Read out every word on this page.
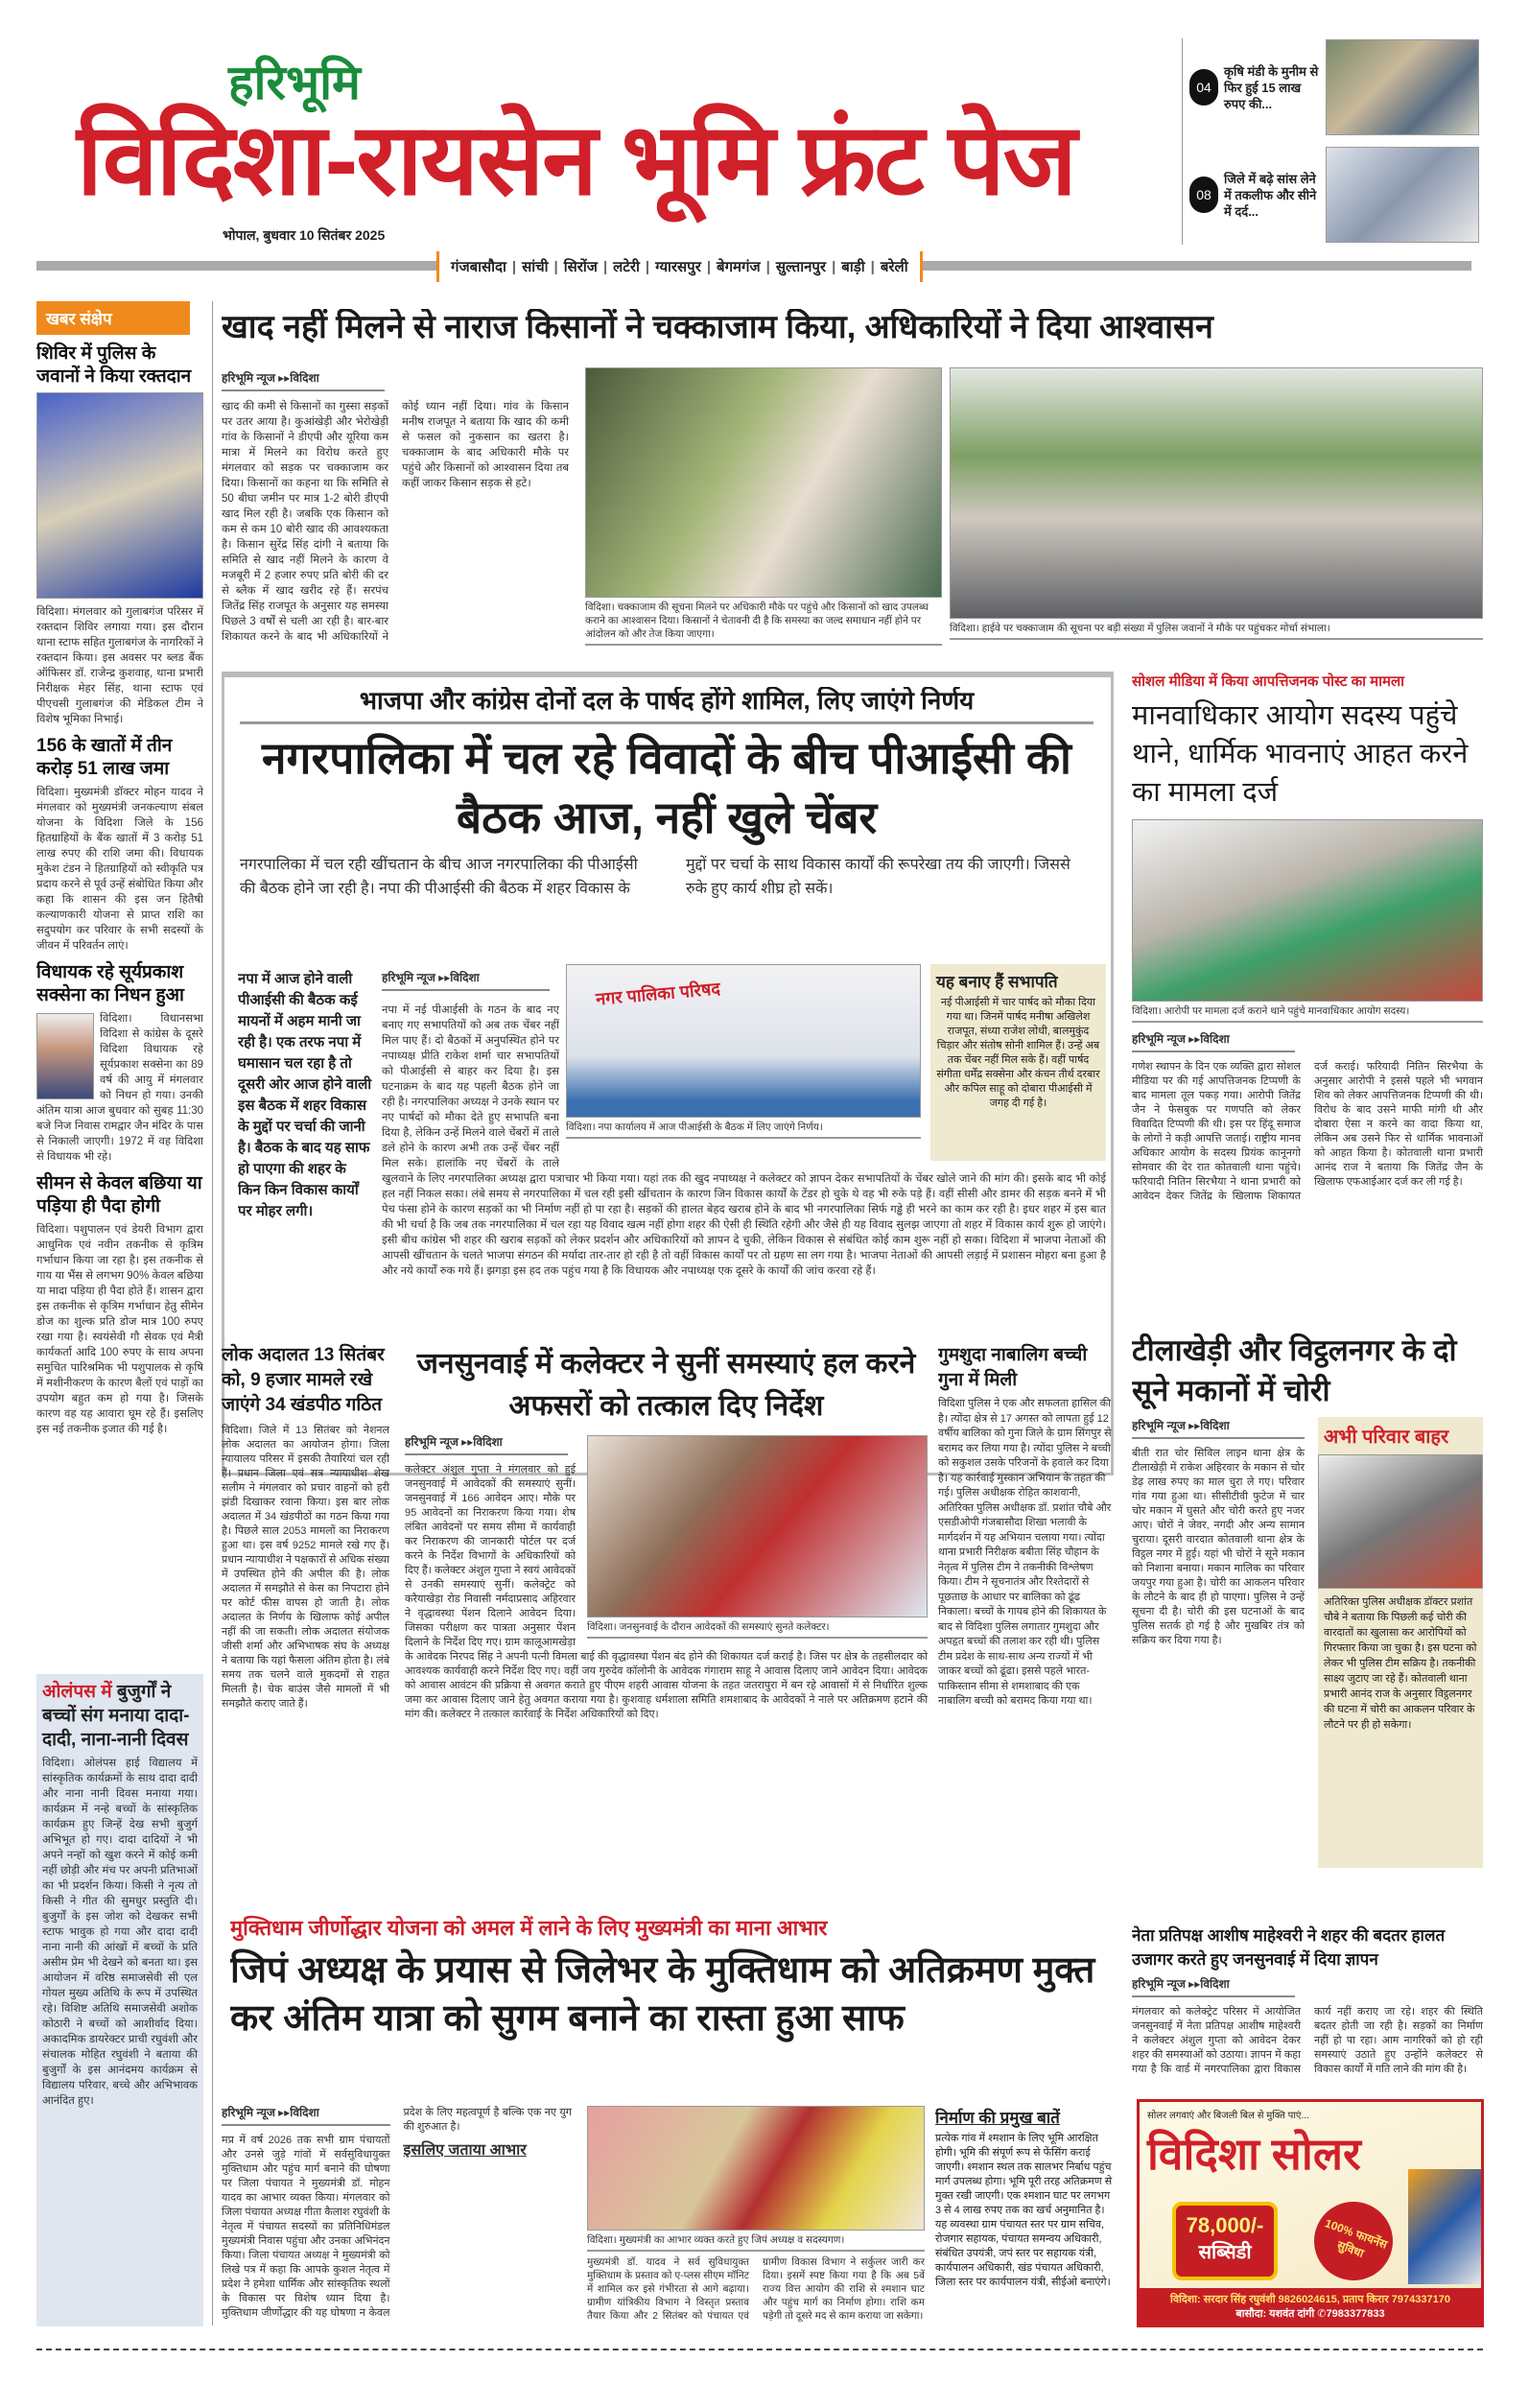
हरिभूमि
विदिशा-रायसेन भूमि फ्रंट पेज
भोपाल, बुधवार 10 सितंबर 2025
गंजबासौदा | सांची | सिरोंज | लटेरी | ग्यारसपुर | बेगमगंज | सुल्तानपुर | बाड़ी | बरेली
04
कृषि मंडी के मुनीम से फिर हुई 15 लाख रुपए की...
08
जिले में बढ़े सांस लेने में तकलीफ और सीने में दर्द...
खबर संक्षेप
शिविर में पुलिस के जवानों ने किया रक्तदान
विदिशा। मंगलवार को गुलाबगंज परिसर में रक्तदान शिविर लगाया गया। इस दौरान थाना स्टाफ सहित गुलाबगंज के नागरिकों ने रक्तदान किया। इस अवसर पर ब्लड बैंक ऑफिसर डॉ. राजेन्द्र कुशवाह, थाना प्रभारी निरीक्षक मेहर सिंह, थाना स्टाफ एवं पीएचसी गुलाबगंज की मेडिकल टीम ने विशेष भूमिका निभाई।
156 के खातों में तीन करोड़ 51 लाख जमा
विदिशा। मुख्यमंत्री डॉक्टर मोहन यादव ने मंगलवार को मुख्यमंत्री जनकल्याण संबल योजना के विदिशा जिले के 156 हितग्राहियों के बैंक खातों में 3 करोड़ 51 लाख रुपए की राशि जमा की। विधायक मुकेश टंडन ने हितग्राहियों को स्वीकृति पत्र प्रदाय करने से पूर्व उन्हें संबोधित किया और कहा कि शासन की इस जन हितैषी कल्याणकारी योजना से प्राप्त राशि का सदुपयोग कर परिवार के सभी सदस्यों के जीवन में परिवर्तन लाएं।
विधायक रहे सूर्यप्रकाश सक्सेना का निधन हुआ
विदिशा। विधानसभा विदिशा से कांग्रेस के दूसरे विदिशा विधायक रहे सूर्यप्रकाश सक्सेना का 89 वर्ष की आयु में मंगलवार को निधन हो गया। उनकी अंतिम यात्रा आज बुधवार को सुबह 11:30 बजे निज निवास रामद्वार जैन मंदिर के पास से निकाली जाएगी। 1972 में वह विदिशा से विधायक भी रहे।
सीमन से केवल बछिया या पड़िया ही पैदा होगी
विदिशा। पशुपालन एवं डेयरी विभाग द्वारा आधुनिक एवं नवीन तकनीक से कृत्रिम गर्भाधान किया जा रहा है। इस तकनीक से गाय या भैंस से लगभग 90% केवल बछिया या मादा पड़िया ही पैदा होते हैं। शासन द्वारा इस तकनीक से कृत्रिम गर्भाधान हेतु सीमेन डोज का शुल्क प्रति डोज मात्र 100 रुपए रखा गया है। स्वयंसेवी गौ सेवक एवं मैत्री कार्यकर्ता आदि 100 रुपए के साथ अपना समुचित पारिश्रमिक भी पशुपालक से कृषि में मशीनीकरण के कारण बैलों एवं पाड़ों का उपयोग बहुत कम हो गया है। जिसके कारण वह यह आवारा घूम रहे हैं। इसलिए इस नई तकनीक इजात की गई है।
ओलंपस में बुजुर्गों ने बच्चों संग मनाया दादा-दादी, नाना-नानी दिवस
विदिशा। ओलंपस हाई विद्यालय में सांस्कृतिक कार्यक्रमों के साथ दादा दादी और नाना नानी दिवस मनाया गया। कार्यक्रम में नन्हे बच्चों के सांस्कृतिक कार्यक्रम हुए जिन्हें देख सभी बुजुर्ग अभिभूत हो गए। दादा दादियों ने भी अपने नन्हों को खुश करने में कोई कमी नहीं छोड़ी और मंच पर अपनी प्रतिभाओं का भी प्रदर्शन किया। किसी ने नृत्य तो किसी ने गीत की सुमधुर प्रस्तुति दी। बुजुर्गों के इस जोश को देखकर सभी स्टाफ भावुक हो गया और दादा दादी नाना नानी की आंखों में बच्चों के प्रति असीम प्रेम भी देखने को बनता था। इस आयोजन में वरिष्ठ समाजसेवी सी एल गोयल मुख्य अतिथि के रूप में उपस्थित रहे। विशिष्ट अतिथि समाजसेवी अशोक कोठारी ने बच्चों को आशीर्वाद दिया। अकादमिक डायरेक्टर प्राची रघुवंशी और संचालक मोहित रघुवंशी ने बताया की बुजुर्गों के इस आनंदमय कार्यक्रम से विद्यालय परिवार, बच्चे और अभिभावक आनंदित हुए।
खाद नहीं मिलने से नाराज किसानों ने चक्काजाम किया, अधिकारियों ने दिया आश्वासन
हरिभूमि न्यूज ▸▸विदिशा
खाद की कमी से किसानों का गुस्सा सड़कों पर उतर आया है। कुआंखेड़ी और भेरोखेड़ी गांव के किसानों ने डीएपी और यूरिया कम मात्रा में मिलने का विरोध करते हुए मंगलवार को सड़क पर चक्काजाम कर दिया। किसानों का कहना था कि समिति से 50 बीघा जमीन पर मात्र 1-2 बोरी डीएपी खाद मिल रही है। जबकि एक किसान को कम से कम 10 बोरी खाद की आवश्यकता है। किसान सुरेंद्र सिंह दांगी ने बताया कि समिति से खाद नहीं मिलने के कारण वे मजबूरी में 2 हजार रुपए प्रति बोरी की दर से ब्लैक में खाद खरीद रहे हैं। सरपंच जितेंद्र सिंह राजपूत के अनुसार यह समस्या पिछले 3 वर्षों से चली आ रही है। बार-बार शिकायत करने के बाद भी अधिकारियों ने कोई ध्यान नहीं दिया। गांव के किसान मनीष राजपूत ने बताया कि खाद की कमी से फसल को नुकसान का खतरा है। चक्काजाम के बाद अधिकारी मौके पर पहुंचे और किसानों को आश्वासन दिया तब कहीं जाकर किसान सड़क से हटे।
विदिशा। चक्काजाम की सूचना मिलने पर अधिकारी मौके पर पहुंचे और किसानों को खाद उपलब्ध कराने का आश्वासन दिया। किसानों ने चेतावनी दी है कि समस्या का जल्द समाधान नहीं होने पर आंदोलन को और तेज किया जाएगा।	विदिशा। हाईवे पर चक्काजाम की सूचना पर बड़ी संख्या में पुलिस जवानों ने मौके पर पहुंचकर मोर्चा संभाला।
भाजपा और कांग्रेस दोनों दल के पार्षद होंगे शामिल, लिए जाएंगे निर्णय
नगरपालिका में चल रहे विवादों के बीच पीआईसी की बैठक आज, नहीं खुले चेंबर
नगरपालिका में चल रही खींचतान के बीच आज नगरपालिका की पीआईसी की बैठक होने जा रही है। नपा की पीआईसी की बैठक में शहर विकास के मुद्दों पर चर्चा के साथ विकास कार्यों की रूपरेखा तय की जाएगी। जिससे रुके हुए कार्य शीघ्र हो सकें।
नपा में आज होने वाली पीआईसी की बैठक कई मायनों में अहम मानी जा रही है। एक तरफ नपा में घमासान चल रहा है तो दूसरी ओर आज होने वाली इस बैठक में शहर विकास के मुद्दों पर चर्चा की जानी है। बैठक के बाद यह साफ हो पाएगा की शहर के किन किन विकास कार्यों पर मोहर लगी।
हरिभूमि न्यूज ▸▸विदिशा
नपा में नई पीआईसी के गठन के बाद नए बनाए गए सभापतियों को अब तक चेंबर नहीं मिल पाए हैं। दो बैठकों में अनुपस्थित होने पर नपाध्यक्ष प्रीति राकेश शर्मा चार सभापतियों को पीआईसी से बाहर कर दिया है। इस घटनाक्रम के बाद यह पहली बैठक होने जा रही है। नगरपालिका अध्यक्ष ने उनके स्थान पर नए पार्षदों को मौका देते हुए सभापति बना दिया है, लेकिन उन्हें मिलने वाले चेंबरों में ताले डले होने के कारण अभी तक उन्हें चेंबर नहीं मिल सके। हालांकि नए चेंबरों के ताले खुलवाने के लिए नगरपालिका अध्यक्ष द्वारा पत्राचार भी किया गया। यहां तक की खुद नपाध्यक्ष ने कलेक्टर को ज्ञापन देकर सभापतियों के चेंबर खोले जाने की मांग की। इसके बाद भी कोई हल नहीं निकल सका। लंबे समय से नगरपालिका में चल रही इसी खींचतान के कारण जिन विकास कार्यों के टेंडर हो चुके थे वह भी रुके पड़े हैं। वहीं सीसी और डामर की सड़क बनने में भी पेच फंसा होने के कारण सड़कों का भी निर्माण नहीं हो पा रहा है। सड़कों की हालत बेहद खराब होने के बाद भी नगरपालिका सिर्फ गड्ढे ही भरने का काम कर रही है। इधर शहर में इस बात की भी चर्चा है कि जब तक नगरपालिका में चल रहा यह विवाद खत्म नहीं होगा शहर की ऐसी ही स्थिति रहेगी और जैसे ही यह विवाद सुलझ जाएगा तो शहर में विकास कार्य शुरू हो जाएंगे। इसी बीच कांग्रेस भी शहर की खराब सड़कों को लेकर प्रदर्शन और अधिकारियों को ज्ञापन दे चुकी, लेकिन विकास से संबंधित कोई काम शुरू नहीं हो सका। विदिशा में भाजपा नेताओं की आपसी खींचतान के चलते भाजपा संगठन की मर्यादा तार-तार हो रही है तो वहीं विकास कार्यों पर तो ग्रहण सा लग गया है। भाजपा नेताओं की आपसी लड़ाई में प्रशासन मोहरा बना हुआ है और नये कार्यों रुक गये हैं। झगड़ा इस हद तक पहुंच गया है कि विधायक और नपाध्यक्ष एक दूसरे के कार्यों की जांच करवा रहे हैं।
नगर पालिका परिषद
विदिशा। नपा कार्यालय में आज पीआईसी के बैठक में लिए जाएंगे निर्णय।
यह बनाए हैं सभापति
नई पीआईसी में चार पार्षद को मौका दिया गया था। जिनमें पार्षद मनीषा अखिलेश राजपूत, संध्या राजेश लोधी, बालमुकुंद चिड़ार और संतोष सोनी शामिल हैं। उन्हें अब तक चेंबर नहीं मिल सके हैं। वहीं पार्षद संगीता धर्मेंद्र सक्सेना और कंचन तीर्थ दरबार और कपिल साहू को दोबारा पीआईसी में जगह दी गई है।
सोशल मीडिया में किया आपत्तिजनक पोस्ट का मामला
मानवाधिकार आयोग सदस्य पहुंचे थाने, धार्मिक भावनाएं आहत करने का मामला दर्ज
विदिशा। आरोपी पर मामला दर्ज कराने थाने पहुंचे मानवाधिकार आयोग सदस्य।
हरिभूमि न्यूज ▸▸विदिशा
गणेश स्थापन के दिन एक व्यक्ति द्वारा सोशल मीडिया पर की गई आपत्तिजनक टिप्पणी के बाद मामला तूल पकड़ गया। आरोपी जितेंद्र जैन ने फेसबुक पर गणपति को लेकर विवादित टिप्पणी की थी। इस पर हिंदू समाज के लोगों ने कड़ी आपत्ति जताई। राष्ट्रीय मानव अधिकार आयोग के सदस्य प्रियंक कानूनगो सोमवार की देर रात कोतवाली थाना पहुंचे। फरियादी नितिन सिरभैया ने थाना प्रभारी को आवेदन देकर जितेंद्र के खिलाफ शिकायत दर्ज कराई। फरियादी नितिन सिरभैया के अनुसार आरोपी ने इससे पहले भी भगवान शिव को लेकर आपत्तिजनक टिप्पणी की थी। विरोध के बाद उसने माफी मांगी थी और दोबारा ऐसा न करने का वादा किया था, लेकिन अब उसने फिर से धार्मिक भावनाओं को आहत किया है। कोतवाली थाना प्रभारी आनंद राज ने बताया कि जितेंद्र जैन के खिलाफ एफआईआर दर्ज कर ली गई है।
लोक अदालत 13 सितंबर को, 9 हजार मामले रखे जाएंगे 34 खंडपीठ गठित
विदिशा। जिले में 13 सितंबर को नेशनल लोक अदालत का आयोजन होगा। जिला न्यायालय परिसर में इसकी तैयारियां चल रही हैं। प्रधान जिला एवं सत्र न्यायाधीश शेख सलीम ने मंगलवार को प्रचार वाहनों को हरी झंडी दिखाकर रवाना किया। इस बार लोक अदालत में 34 खंडपीठों का गठन किया गया है। पिछले साल 2053 मामलों का निराकरण हुआ था। इस वर्ष 9252 मामले रखे गए हैं। प्रधान न्यायाधीश ने पक्षकारों से अधिक संख्या में उपस्थित होने की अपील की है। लोक अदालत में समझौते से केस का निपटारा होने पर कोर्ट फीस वापस हो जाती है। लोक अदालत के निर्णय के खिलाफ कोई अपील नहीं की जा सकती। लोक अदालत संयोजक जीसी शर्मा और अभिभाषक संघ के अध्यक्ष ने बताया कि यहां फैसला अंतिम होता है। लंबे समय तक चलने वाले मुकदमों से राहत मिलती है। चेक बाउंस जैसे मामलों में भी समझौते कराए जाते हैं।
जनसुनवाई में कलेक्टर ने सुनीं समस्याएं हल करने अफसरों को तत्काल दिए निर्देश
विदिशा। जनसुनवाई के दौरान आवेदकों की समस्याएं सुनते कलेक्टर।
हरिभूमि न्यूज ▸▸विदिशा
कलेक्टर अंशुल गुप्ता ने मंगलवार को हुई जनसुनवाई में आवेदकों की समस्याएं सुनीं। जनसुनवाई में 166 आवेदन आए। मौके पर 95 आवेदनों का निराकरण किया गया। शेष लंबित आवेदनों पर समय सीमा में कार्यवाही कर निराकरण की जानकारी पोर्टल पर दर्ज करने के निर्देश विभागों के अधिकारियों को दिए हैं। कलेक्टर अंशुल गुप्ता ने स्वयं आवेदकों से उनकी समस्याएं सुनीं। कलेक्ट्रेट को करैयाखेड़ा रोड निवासी नर्मदाप्रसाद अहिरवार ने वृद्धावस्था पेंशन दिलाने आवेदन दिया। जिसका परीक्षण कर पात्रता अनुसार पेंशन दिलाने के निर्देश दिए गए। ग्राम कालूआमखेड़ा के आवेदक निरपद सिंह ने अपनी पत्नी विमला बाई की वृद्धावस्था पेंशन बंद होने की शिकायत दर्ज कराई है। जिस पर क्षेत्र के तहसीलदार को आवश्यक कार्यवाही करने निर्देश दिए गए। वहीं जय गुरुदेव कॉलोनी के आवेदक गंगाराम साहू ने आवास दिलाए जाने आवेदन दिया। आवेदक को आवास आवंटन की प्रक्रिया से अवगत कराते हुए पीएम शहरी आवास योजना के तहत जतरापुरा में बन रहे आवासों में से निर्धारित शुल्क जमा कर आवास दिलाए जाने हेतु अवगत कराया गया है। कुशवाह धर्मशाला समिति शमशाबाद के आवेदकों ने नाले पर अतिक्रमण हटाने की मांग की। कलेक्टर ने तत्काल कार्रवाई के निर्देश अधिकारियों को दिए।
गुमशुदा नाबालिग बच्ची गुना में मिली
विदिशा पुलिस ने एक और सफलता हासिल की है। त्योंदा क्षेत्र से 17 अगस्त को लापता हुई 12 वर्षीय बालिका को गुना जिले के ग्राम सिंगपुर से बरामद कर लिया गया है। त्योंदा पुलिस ने बच्ची को सकुशल उसके परिजनों के हवाले कर दिया है। यह कार्रवाई मुस्कान अभियान के तहत की गई। पुलिस अधीक्षक रोहित काशवानी, अतिरिक्त पुलिस अधीक्षक डॉ. प्रशांत चौबे और एसडीओपी गंजबासौदा शिखा भलावी के मार्गदर्शन में यह अभियान चलाया गया। त्योंदा थाना प्रभारी निरीक्षक बबीता सिंह चौहान के नेतृत्व में पुलिस टीम ने तकनीकी विश्लेषण किया। टीम ने सूचनातंत्र और रिश्तेदारों से पूछताछ के आधार पर बालिका को ढूंढ निकाला। बच्चों के गायब होने की शिकायत के बाद से विदिशा पुलिस लगातार गुमशुदा और अपहृत बच्चों की तलाश कर रही थी। पुलिस टीम प्रदेश के साथ-साथ अन्य राज्यों में भी जाकर बच्चों को ढूंढा। इससे पहले भारत-पाकिस्तान सीमा से शमशाबाद की एक नाबालिग बच्ची को बरामद किया गया था।
टीलाखेड़ी और विट्ठलनगर के दो सूने मकानों में चोरी
हरिभूमि न्यूज ▸▸विदिशा
बीती रात चोर सिविल लाइन थाना क्षेत्र के टीलाखेड़ी में राकेश अहिरवार के मकान से चोर डेढ़ लाख रुपए का माल चुरा ले गए। परिवार गांव गया हुआ था। सीसीटीवी फुटेज में चार चोर मकान में घुसते और चोरी करते हुए नजर आए। चोरों ने जेवर, नगदी और अन्य सामान चुराया। दूसरी वारदात कोतवाली थाना क्षेत्र के विट्ठल नगर में हुई। यहां भी चोरों ने सूने मकान को निशाना बनाया। मकान मालिक का परिवार जयपुर गया हुआ है। चोरी का आकलन परिवार के लौटने के बाद ही हो पाएगा। पुलिस ने उन्हें सूचना दी है। चोरी की इस घटनाओं के बाद पुलिस सतर्क हो गई है और मुखबिर तंत्र को सक्रिय कर दिया गया है।
अभी परिवार बाहर
अतिरिक्त पुलिस अधीक्षक डॉक्टर प्रशांत चौबे ने बताया कि पिछली कई चोरी की वारदातों का खुलासा कर आरोपियों को गिरफ्तार किया जा चुका है। इस घटना को लेकर भी पुलिस टीम सक्रिय है। तकनीकी साक्ष्य जुटाए जा रहे हैं। कोतवाली थाना प्रभारी आनंद राज के अनुसार विट्ठलनगर की घटना में चोरी का आकलन परिवार के लौटने पर ही हो सकेगा।
मुक्तिधाम जीर्णोद्धार योजना को अमल में लाने के लिए मुख्यमंत्री का माना आभार
जिपं अध्यक्ष के प्रयास से जिलेभर के मुक्तिधाम को अतिक्रमण मुक्त कर अंतिम यात्रा को सुगम बनाने का रास्ता हुआ साफ
हरिभूमि न्यूज ▸▸विदिशा
मप्र में वर्ष 2026 तक सभी ग्राम पंचायतों और उनसे जुड़े गांवों में सर्वसुविधायुक्त मुक्तिधाम और पहुंच मार्ग बनाने की घोषणा पर जिला पंचायत ने मुख्यमंत्री डॉ. मोहन यादव का आभार व्यक्त किया। मंगलवार को जिला पंचायत अध्यक्ष गीता कैलाश रघुवंशी के नेतृत्व में पंचायत सदस्यों का प्रतिनिधिमंडल मुख्यमंत्री निवास पहुंचा और उनका अभिनंदन किया। जिला पंचायत अध्यक्ष ने मुख्यमंत्री को लिखे पत्र में कहा कि आपके कुशल नेतृत्व में प्रदेश ने हमेशा धार्मिक और सांस्कृतिक स्थलों के विकास पर विशेष ध्यान दिया है। मुक्तिधाम जीर्णोद्धार की यह घोषणा न केवल प्रदेश के लिए महत्वपूर्ण है बल्कि एक नए युग की शुरुआत है।
इसलिए जताया आभार
विदिशा। मुख्यमंत्री का आभार व्यक्त करते हुए जिपं अध्यक्ष व सदस्यगण।
मुख्यमंत्री डॉ. यादव ने सर्व सुविधायुक्त मुक्तिधाम के प्रस्ताव को ए-प्लस सीएम मॉनिट में शामिल कर इसे गंभीरता से आगे बढ़ाया। ग्रामीण यांत्रिकीय विभाग ने विस्तृत प्रस्ताव तैयार किया और 2 सितंबर को पंचायत एवं ग्रामीण विकास विभाग ने सर्कुलर जारी कर दिया। इसमें स्पष्ट किया गया है कि अब 5वें राज्य वित्त आयोग की राशि से श्मशान घाट और पहुंच मार्ग का निर्माण होगा। राशि कम पड़ेगी तो दूसरे मद से काम कराया जा सकेगा।
निर्माण की प्रमुख बातें
प्रत्येक गांव में श्मशान के लिए भूमि आरक्षित होगी। भूमि की संपूर्ण रूप से फेंसिंग कराई जाएगी। श्मशान स्थल तक सालभर निर्बाध पहुंच मार्ग उपलब्ध होगा। भूमि पूरी तरह अतिक्रमण से मुक्त रखी जाएगी। एक श्मशान घाट पर लगभग 3 से 4 लाख रुपए तक का खर्च अनुमानित है। यह व्यवस्था ग्राम पंचायत स्तर पर ग्राम सचिव, रोजगार सहायक, पंचायत समन्वय अधिकारी, संबंधित उपयंत्री, जपं स्तर पर सहायक यंत्री, कार्यपालन अधिकारी, खंड पंचायत अधिकारी, जिला स्तर पर कार्यपालन यंत्री, सीईओ बनाएंगे।
नेता प्रतिपक्ष आशीष माहेश्वरी ने शहर की बदतर हालत उजागर करते हुए जनसुनवाई में दिया ज्ञापन
हरिभूमि न्यूज ▸▸विदिशा
मंगलवार को कलेक्ट्रेट परिसर में आयोजित जनसुनवाई में नेता प्रतिपक्ष आशीष माहेश्वरी ने कलेक्टर अंशुल गुप्ता को आवेदन देकर शहर की समस्याओं को उठाया। ज्ञापन में कहा गया है कि वार्ड में नगरपालिका द्वारा विकास कार्य नहीं कराए जा रहे। शहर की स्थिति बदतर होती जा रही है। सड़कों का निर्माण नहीं हो पा रहा। आम नागरिकों को हो रही समस्याएं उठाते हुए उन्होंने कलेक्टर से विकास कार्यों में गति लाने की मांग की है।
सोलर लगवाएं और बिजली बिल से मुक्ति पाएं...
विदिशा सोलर
78,000/-
सब्सिडी
100% फायनेंस सुविधा
विदिशा: सरदार सिंह रघुवंशी 9826024615, प्रताप किरार 7974337170
बासौदा: यशवंत दांगी ✆7983377833
